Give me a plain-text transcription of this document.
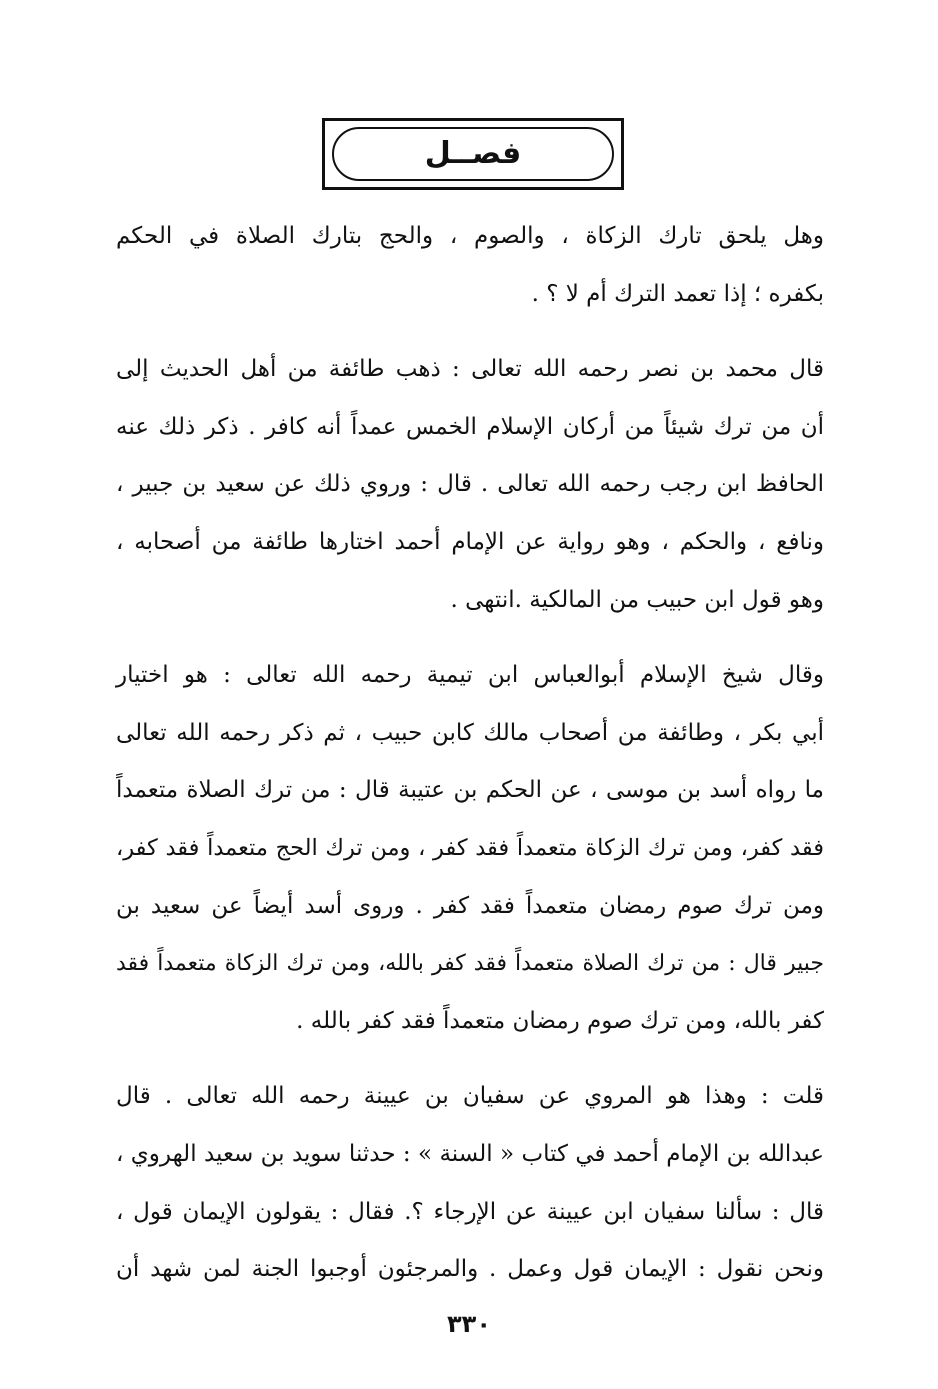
فصــل
وهل يلحق تارك الزكاة ، والصوم ، والحج بتارك الصلاة في الحكم
بكفره ؛ إذا تعمد الترك أم لا ؟ .
قال محمد بن نصر رحمه الله تعالى : ذهب طائفة من أهل الحديث إلى
أن من ترك شيئاً من أركان الإسلام الخمس عمداً أنه كافر . ذكر ذلك عنه
الحافظ ابن رجب رحمه الله تعالى . قال : وروي ذلك عن سعيد بن جبير ،
ونافع ، والحكم ، وهو رواية عن الإمام أحمد اختارها طائفة من أصحابه ،
وهو قول ابن حبيب من المالكية .انتهى .
وقال شيخ الإسلام أبوالعباس ابن تيمية رحمه الله تعالى : هو اختيار
أبي بكر ، وطائفة من أصحاب مالك كابن حبيب ، ثم ذكر رحمه الله تعالى
ما رواه أسد بن موسى ، عن الحكم بن عتيبة قال : من ترك الصلاة متعمداً
فقد كفر، ومن ترك الزكاة متعمداً فقد كفر ، ومن ترك الحج متعمداً فقد كفر،
ومن ترك صوم رمضان متعمداً فقد كفر . وروى أسد أيضاً عن سعيد بن
جبير قال : من ترك الصلاة متعمداً فقد كفر بالله، ومن ترك الزكاة متعمداً فقد
كفر بالله، ومن ترك صوم رمضان متعمداً فقد كفر بالله .
قلت : وهذا هو المروي عن سفيان بن عيينة رحمه الله تعالى . قال
عبدالله بن الإمام أحمد في كتاب « السنة » : حدثنا سويد بن سعيد الهروي ،
قال : سألنا سفيان ابن عيينة عن الإرجاء ؟. فقال : يقولون الإيمان قول ،
ونحن نقول : الإيمان قول وعمل . والمرجئون أوجبوا الجنة لمن شهد أن
٣٣٠
